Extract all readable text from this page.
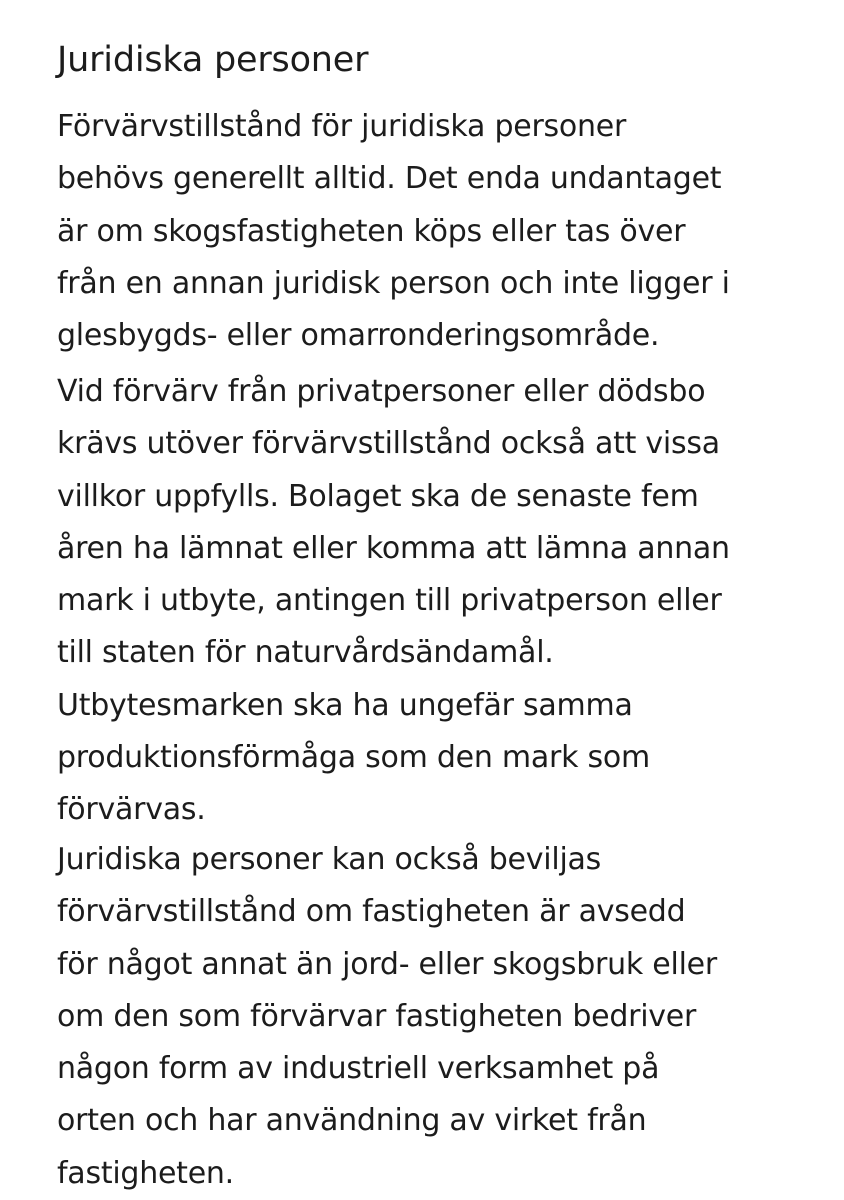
Juridiska personer

Förvärvstillstånd för juridiska personer
behövs generellt alltid. Det enda undantaget
är om skogsfastigheten köps eller tas över
från en annan juridisk person och inte ligger i
glesbygds- eller omarronderingsområde.

Vid förvärv från privatpersoner eller dödsbo
krävs utöver förvärvstillstånd också att vissa
villkor uppfylls. Bolaget ska de senaste fem
åren ha lämnat eller komma att lämna annan
mark i utbyte, antingen till privatperson eller
till staten för naturvårdsändamål.
Utbytesmarken ska ha ungefär samma
produktionsförmåga som den mark som
förvärvas.

Juridiska personer kan också beviljas
förvärvstillstånd om fastigheten är avsedd
för något annat än jord- eller skogsbruk eller
om den som förvärvar fastigheten bedriver
någon form av industriell verksamhet på
orten och har användning av virket från
fastigheten.
